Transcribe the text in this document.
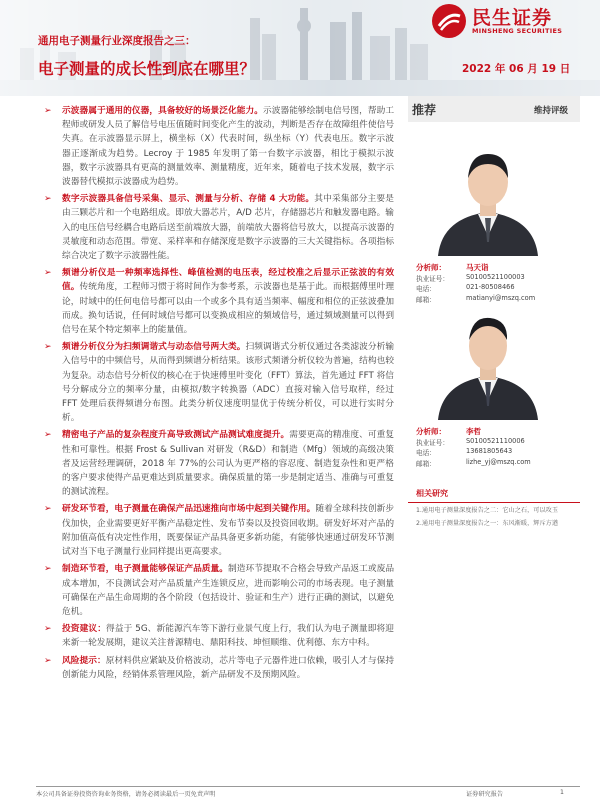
民生证券
MINSHENG SECURITIES
通用电子测量行业深度报告之三：
电子测量的成长性到底在哪里？	2022 年 06 月 19 日
➢ 示波器属于通用的仪器，具备较好的场景泛化能力。示波器能够绘制电信号图，帮助工程师或研发人员了解信号电压值随时间变化产生的波动，判断是否存在故障组件使信号失真。在示波器显示屏上，横坐标（X）代表时间，纵坐标（Y）代表电压。数字示波器正逐渐成为趋势。Lecroy 于 1985 年发明了第一台数字示波器，相比于模拟示波器，数字示波器具有更高的测量效率、测量精度，近年来，随着电子技术发展，数字示波器替代模拟示波器成为趋势。
➢ 数字示波器具备信号采集、显示、测量与分析、存储 4 大功能。其中采集部分主要是由三颗芯片和一个电路组成。即放大器芯片，A/D 芯片，存储器芯片和触发器电路。输入的电压信号经耦合电路后送至前端放大器，前端放大器将信号放大，以提高示波器的灵敏度和动态范围。带宽、采样率和存储深度是数字示波器的三大关键指标。各项指标综合决定了数字示波器性能。
➢ 频谱分析仪是一种频率选择性、峰值检测的电压表，经过校准之后显示正弦波的有效值。传统角度，工程师习惯于将时间作为参考系，示波器也是基于此。而根据傅里叶理论，时域中的任何电信号都可以由一个或多个具有适当频率、幅度和相位的正弦波叠加而成。换句话说，任何时域信号都可以变换成相应的频域信号，通过频域测量可以得到信号在某个特定频率上的能量值。
➢ 频谱分析仪分为扫频调谐式与动态信号两大类。扫频调谐式分析仪通过各类滤波分析输入信号中的中频信号，从而得到频谱分析结果。该形式频谱分析仪较为普遍，结构也较为复杂。动态信号分析仪的核心在于快速傅里叶变化（FFT）算法，首先通过 FFT 将信号分解成分立的频率分量，由模拟/数字转换器（ADC）直接对输入信号取样，经过 FFT 处理后获得频谱分布图。此类分析仪速度明显优于传统分析仪，可以进行实时分析。
➢ 精密电子产品的复杂程度升高导致测试产品测试难度提升。需要更高的精准度、可重复性和可靠性。根据 Frost & Sullivan 对研发（R&D）和制造（Mfg）领域的高级决策者及运营经理调研，2018 年 77%的公司认为更严格的容忍度、制造复杂性和更严格的客户要求使得产品更难达到质量要求。确保质量的第一步是制定适当、准确与可重复的测试流程。
➢ 研发环节看，电子测量在确保产品迅速推向市场中起到关键作用。随着全球科技创新步伐加快，企业需要更好平衡产品稳定性、发布节奏以及投资回收期。研发好坏对产品的附加值高低有决定性作用，既要保证产品具备更多新功能，有能够快速通过研发环节测试对当下电子测量行业同样提出更高要求。
➢ 制造环节看，电子测量能够保证产品质量。制造环节提取不合格会导致产品返工或废品成本增加，不良测试会对产品质量产生连锁反应，进而影响公司的市场表现。电子测量可确保在产品生命周期的各个阶段（包括设计、验证和生产）进行正确的测试，以避免危机。
➢ 投资建议：得益于 5G、新能源汽车等下游行业景气度上行，我们认为电子测量即将迎来新一轮发展期，建议关注普源精电、鼎阳科技、坤恒顺维、优利德、东方中科。
➢ 风险提示：原材料供应紧缺及价格波动，芯片等电子元器件进口依赖，吸引人才与保持创新能力风险，经销体系管理风险，新产品研发不及预期风险。
推荐	维持评级
分析师：	马天诣
执业证号：	S0100521100003
电话：	021-80508466
邮箱：	matianyi@mszq.com
分析师：	李哲
执业证号：	S0100521110006
电话：	13681805643
邮箱：	lizhe_yj@mszq.com
相关研究
1.通用电子测量深度报告之二：它山之石，可以攻玉
2.通用电子测量深度报告之一：东风渐暖，辉斥方遒
本公司具备证券投资咨询业务资格，请务必阅读最后一页免责声明	证券研究报告	1
